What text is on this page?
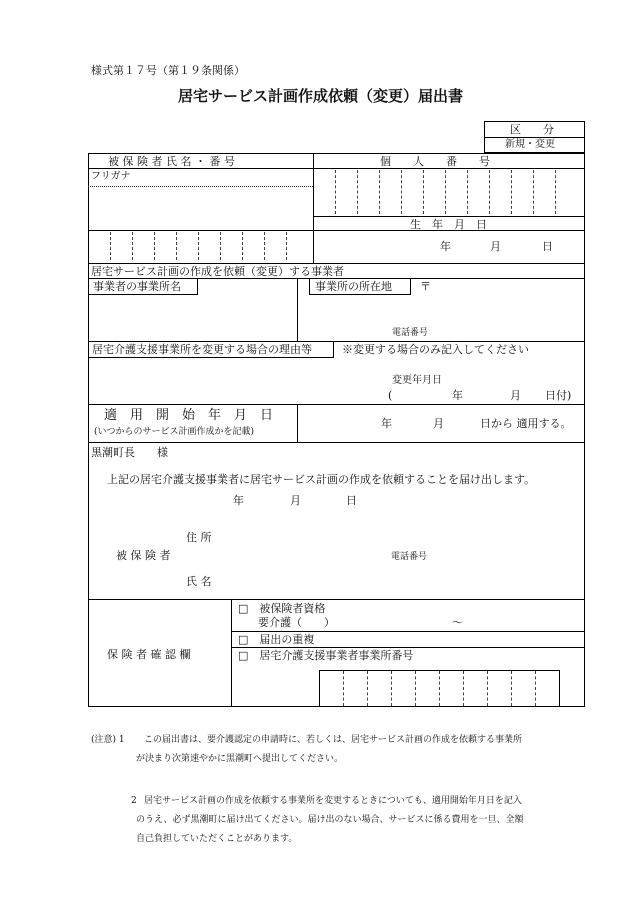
様式第１７号（第１９条関係）
居宅サービス計画作成依頼（変更）届出書
区　　分
新規・変更
被 保 険 者 氏 名 ・ 番 号	個　　人　　番　　号
フリガナ
生　年　月　日
年	月	日
居宅サービス計画の作成を依頼（変更）する事業者
事業者の事業所名	事業所の所在地	〒
電話番号
居宅介護支援事業所を変更する場合の理由等	※変更する場合のみ記入してください
変更年月日
(	年	月 日付)
適　用　開　始　年　月　日
(いつからのサービス計画作成かを記載)
年	月	日から 適用する。
黒潮町長　　様
上記の居宅介護支援事業者に居宅サービス計画の作成を依頼することを届け出します。
年	月	日
住 所
被 保 険 者	電話番号
氏 名
保 険 者 確 認 欄
□　被保険者資格
要介護（　　）	～
□　届出の重複
□　居宅介護支援事業者事業所番号
(注意) 1 この届出書は、要介護認定の申請時に、若しくは、居宅サービス計画の作成を依頼する事業所
が決まり次第速やかに黒潮町へ提出してください。
2 居宅サービス計画の作成を依頼する事業所を変更するときについても、適用開始年月日を記入
のうえ、必ず黒潮町に届け出てください。届け出のない場合、サービスに係る費用を一旦、全額
自己負担していただくことがあります。
